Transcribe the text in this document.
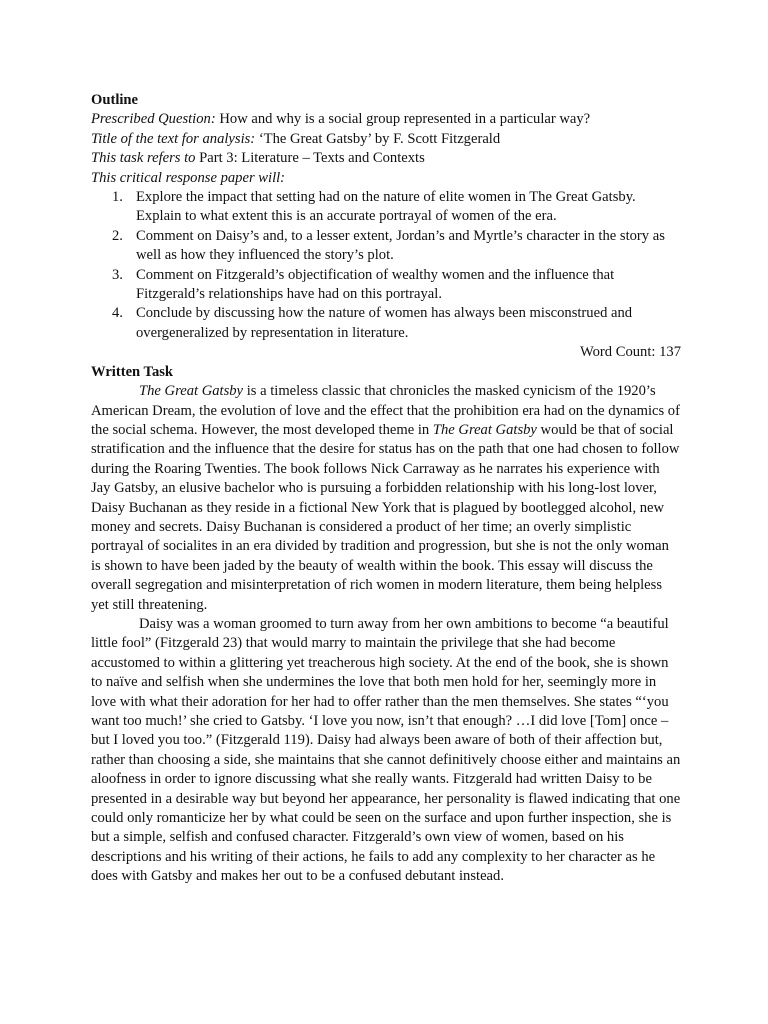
Outline

Prescribed Question: How and why is a social group represented in a particular way?

Title of the text for analysis: ‘The Great Gatsby’ by F. Scott Fitzgerald

This task refers to Part 3: Literature – Texts and Contexts

This critical response paper will:

1. Explore the impact that setting had on the nature of elite women in The Great Gatsby. Explain to what extent this is an accurate portrayal of women of the era.
2. Comment on Daisy’s and, to a lesser extent, Jordan’s and Myrtle’s character in the story as well as how they influenced the story’s plot.
3. Comment on Fitzgerald’s objectification of wealthy women and the influence that Fitzgerald’s relationships have had on this portrayal.
4. Conclude by discussing how the nature of women has always been misconstrued and overgeneralized by representation in literature.

Word Count: 137

Written Task

The Great Gatsby is a timeless classic that chronicles the masked cynicism of the 1920’s American Dream, the evolution of love and the effect that the prohibition era had on the dynamics of the social schema. However, the most developed theme in The Great Gatsby would be that of social stratification and the influence that the desire for status has on the path that one had chosen to follow during the Roaring Twenties. The book follows Nick Carraway as he narrates his experience with Jay Gatsby, an elusive bachelor who is pursuing a forbidden relationship with his long-lost lover, Daisy Buchanan as they reside in a fictional New York that is plagued by bootlegged alcohol, new money and secrets. Daisy Buchanan is considered a product of her time; an overly simplistic portrayal of socialites in an era divided by tradition and progression, but she is not the only woman is shown to have been jaded by the beauty of wealth within the book. This essay will discuss the overall segregation and misinterpretation of rich women in modern literature, them being helpless yet still threatening.

Daisy was a woman groomed to turn away from her own ambitions to become “a beautiful little fool” (Fitzgerald 23) that would marry to maintain the privilege that she had become accustomed to within a glittering yet treacherous high society. At the end of the book, she is shown to naïve and selfish when she undermines the love that both men hold for her, seemingly more in love with what their adoration for her had to offer rather than the men themselves. She states “‘you want too much!’ she cried to Gatsby. ‘I love you now, isn’t that enough? …I did love [Tom] once – but I loved you too.” (Fitzgerald 119). Daisy had always been aware of both of their affection but, rather than choosing a side, she maintains that she cannot definitively choose either and maintains an aloofness in order to ignore discussing what she really wants. Fitzgerald had written Daisy to be presented in a desirable way but beyond her appearance, her personality is flawed indicating that one could only romanticize her by what could be seen on the surface and upon further inspection, she is but a simple, selfish and confused character. Fitzgerald’s own view of women, based on his descriptions and his writing of their actions, he fails to add any complexity to her character as he does with Gatsby and makes her out to be a confused debutant instead.
